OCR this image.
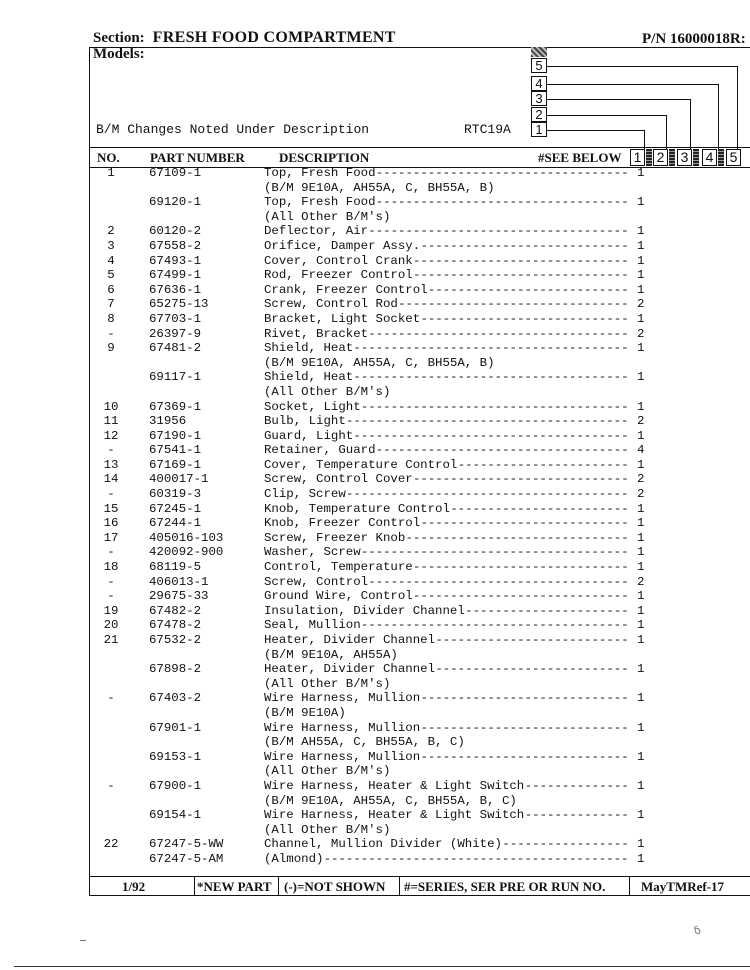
Section: FRESH FOOD COMPARTMENT	P/N 16000018R:
Models:
B/M Changes Noted Under Description	RTC19A
5
4
3
2
1
NO. PART NUMBER	DESCRIPTION	#SEE BELOW 1 2 3 4 5
1	67109-1	Top, Fresh Food ---------------------------------- 1
(B/M 9E10A, AH55A, C, BH55A, B)
69120-1	Top, Fresh Food ---------------------------------- 1
(All Other B/M's)
2	60120-2	Deflector, Air ----------------------------------- 1
3	67558-2	Orifice, Damper Assy. ---------------------------- 1
4	67493-1	Cover, Control Crank ----------------------------- 1
5	67499-1	Rod, Freezer Control ----------------------------- 1
6	67636-1	Crank, Freezer Control --------------------------- 1
7	65275-13	Screw, Control Rod ------------------------------- 2
8	67703-1	Bracket, Light Socket ---------------------------- 1
-	26397-9	Rivet, Bracket ----------------------------------- 2
9	67481-2	Shield, Heat ------------------------------------- 1
(B/M 9E10A, AH55A, C, BH55A, B)
69117-1	Shield, Heat ------------------------------------- 1
(All Other B/M's)
10	67369-1	Socket, Light ------------------------------------ 1
11	31956	Bulb, Light -------------------------------------- 2
12	67190-1	Guard, Light ------------------------------------- 1
-	67541-1	Retainer, Guard ---------------------------------- 4
13	67169-1	Cover, Temperature Control ----------------------- 1
14	400017-1	Screw, Control Cover ----------------------------- 2
-	60319-3	Clip, Screw -------------------------------------- 2
15	67245-1	Knob, Temperature Control ------------------------ 1
16	67244-1	Knob, Freezer Control ---------------------------- 1
17	405016-103	Screw, Freezer Knob ------------------------------ 1
-	420092-900	Washer, Screw ------------------------------------ 1
18	68119-5	Control, Temperature ----------------------------- 1
-	406013-1	Screw, Control ----------------------------------- 2
-	29675-33	Ground Wire, Control ----------------------------- 1
19	67482-2	Insulation, Divider Channel ---------------------- 1
20	67478-2	Seal, Mullion ------------------------------------ 1
21	67532-2	Heater, Divider Channel -------------------------- 1
(B/M 9E10A, AH55A)
67898-2	Heater, Divider Channel -------------------------- 1
(All Other B/M's)
-	67403-2	Wire Harness, Mullion ---------------------------- 1
(B/M 9E10A)
67901-1	Wire Harness, Mullion ---------------------------- 1
(B/M AH55A, C, BH55A, B, C)
69153-1	Wire Harness, Mullion ---------------------------- 1
(All Other B/M's)
-	67900-1	Wire Harness, Heater & Light Switch -------------- 1
(B/M 9E10A, AH55A, C, BH55A, B, C)
69154-1	Wire Harness, Heater & Light Switch -------------- 1
(All Other B/M's)
22	67247-5-WW	Channel, Mullion Divider (White) ----------------- 1
67247-5-AM	(Almond) ----------------------------------------- 1
1/92	*NEW PART (-)=NOT SHOWN #=SERIES, SER PRE OR RUN NO.	MayTMRef-17
ẟ
